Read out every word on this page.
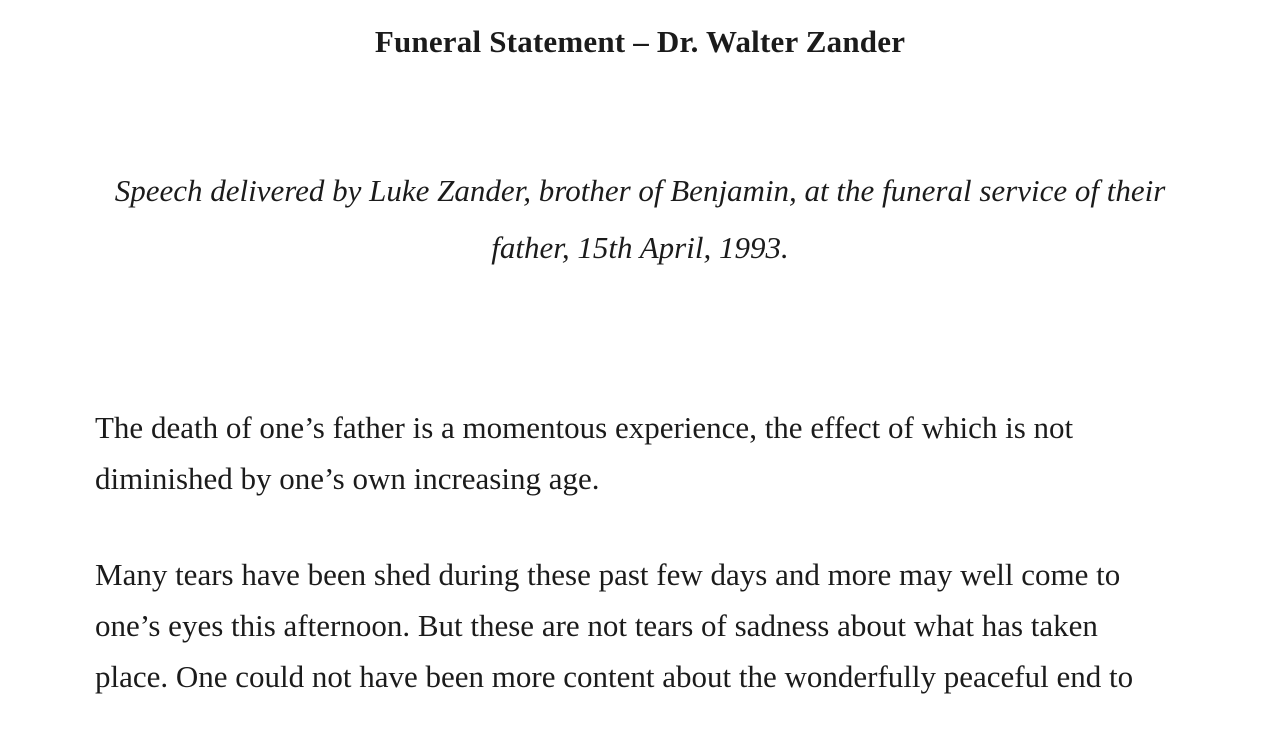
Funeral Statement – Dr. Walter Zander
Speech delivered by Luke Zander, brother of Benjamin, at the funeral service of their
father, 15th April, 1993.

The death of one’s father is a momentous experience, the effect of which is not
diminished by one’s own increasing age.

Many tears have been shed during these past few days and more may well come to
one’s eyes this afternoon. But these are not tears of sadness about what has taken
place. One could not have been more content about the wonderfully peaceful end to
